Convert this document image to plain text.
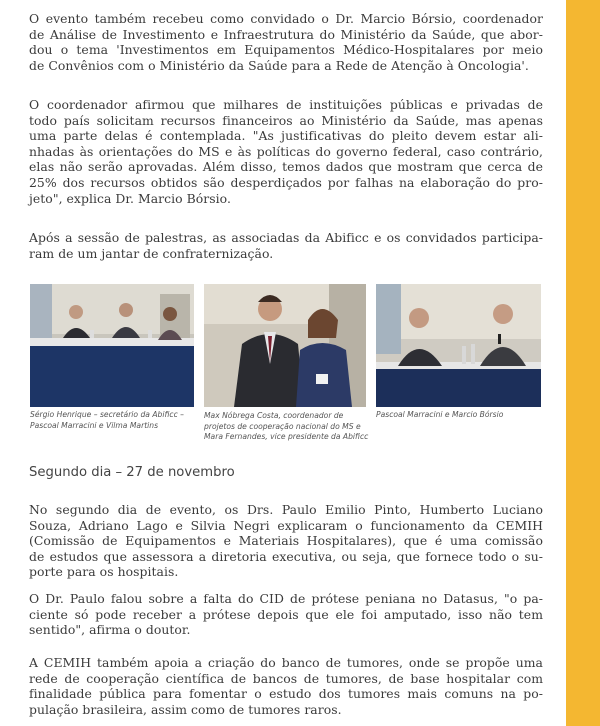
O evento também recebeu como convidado o Dr. Marcio Bórsio, coordenador
de Análise de Investimento e Infraestrutura do Ministério da Saúde, que abor-
dou o tema 'Investimentos em Equipamentos Médico-Hospitalares por meio
de Convênios com o Ministério da Saúde para a Rede de Atenção à Oncologia'.
O coordenador afirmou que milhares de instituições públicas e privadas de
todo país solicitam recursos financeiros ao Ministério da Saúde, mas apenas
uma parte delas é contemplada. "As justificativas do pleito devem estar ali-
nhadas às orientações do MS e às políticas do governo federal, caso contrário,
elas não serão aprovadas. Além disso, temos dados que mostram que cerca de
25% dos recursos obtidos são desperdiçados por falhas na elaboração do pro-
jeto", explica Dr. Marcio Bórsio.
Após a sessão de palestras, as associadas da Abificc e os convidados participa-
ram de um jantar de confraternização.
Sérgio Henrique – secretário da Abificc –
Pascoal Marracini e Vilma Martins
Max Nóbrega Costa, coordenador de
projetos de cooperação nacional do MS e
Mara Fernandes, vice presidente da Abificc
Pascoal Marracini e Marcio Bórsio
Segundo dia – 27 de novembro
No segundo dia de evento, os Drs. Paulo Emilio Pinto, Humberto Luciano
Souza, Adriano Lago e Silvia Negri explicaram o funcionamento da CEMIH
(Comissão de Equipamentos e Materiais Hospitalares), que é uma comissão
de estudos que assessora a diretoria executiva, ou seja, que fornece todo o su-
porte para os hospitais.
O Dr. Paulo falou sobre a falta do CID de prótese peniana no Datasus, "o pa-
ciente só pode receber a prótese depois que ele foi amputado, isso não tem
sentido", afirma o doutor.
A CEMIH também apoia a criação do banco de tumores, onde se propõe uma
rede de cooperação científica de bancos de tumores, de base hospitalar com
finalidade pública para fomentar o estudo dos tumores mais comuns na po-
pulação brasileira, assim como de tumores raros.
